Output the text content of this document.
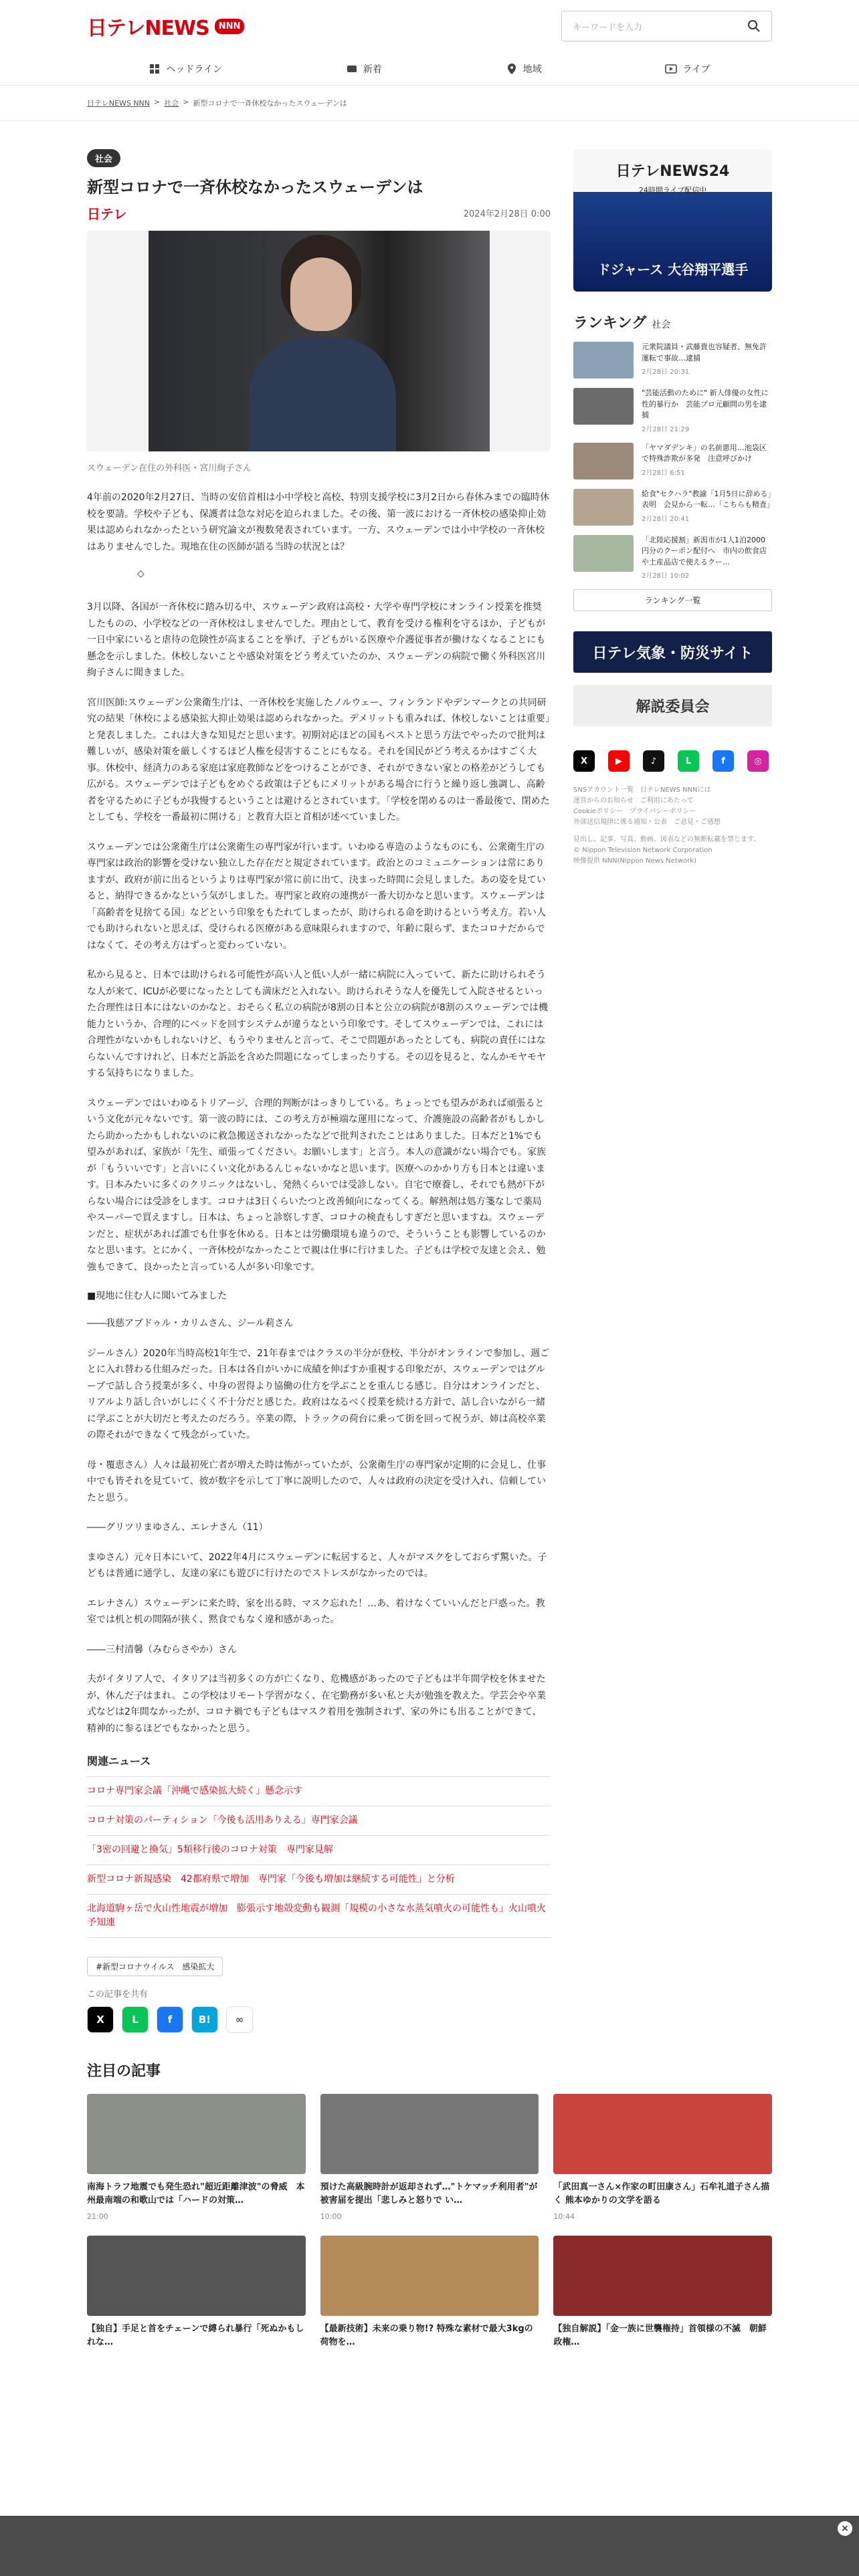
日テレNEWS	NNN	キーワードを入力
ヘッドライン	新着	地域	ライブ
日テレNEWS NNN > 社会 > 新型コロナで一斉休校なかったスウェーデンは
社会
新型コロナで一斉休校なかったスウェーデンは
日テレ	2024年2月28日 0:00
スウェーデン在住の外科医・宮川絢子さん

4年前の2020年2月27日、当時の安倍首相は小中学校と高校、特別支援学校に3月2日から春休みまでの臨時休校を要請。学校や子ども、保護者は急な対応を迫られました。その後、第一波における一斉休校の感染抑止効果は認められなかったという研究論文が複数発表されています。一方、スウェーデンでは小中学校の一斉休校はありませんでした。現地在住の医師が語る当時の状況とは？

◇

3月以降、各国が一斉休校に踏み切る中、スウェーデン政府は高校・大学や専門学校にオンライン授業を推奨したものの、小学校などの一斉休校はしませんでした。理由として、教育を受ける権利を守るほか、子どもが一日中家にいると虐待の危険性が高まることを挙げ、子どもがいる医療や介護従事者が働けなくなることにも懸念を示しました。休校しないことや感染対策をどう考えていたのか、スウェーデンの病院で働く外科医宮川絢子さんに聞きました。

宮川医師:スウェーデン公衆衛生庁は、一斉休校を実施したノルウェー、フィンランドやデンマークとの共同研究の結果「休校による感染拡大抑止効果は認められなかった。デメリットも重みれば、休校しないことは重要」と発表しました。これは大きな知見だと思います。初期対応ほどの国もベストと思う方法でやったので批判は難しいが、感染対策を厳しくするほど人権を侵害することにもなる。それを国民がどう考えるかはすごく大事。休校中、経済力のある家庭は家庭教師などをつけることができ、それができない家との格差がどうしても広がる。スウェーデンでは子どもをめぐる政策は子どもにメリットがある場合に行うと繰り返し強調し、高齢者を守るために子どもが我慢するということは避けるとされています。「学校を閉めるのは一番最後で、閉めたとしても、学校を一番最初に開ける」と教育大臣と首相が述べていました。

スウェーデンでは公衆衛生庁は公衆衛生の専門家が行います。いわゆる専造のようなものにも、公衆衛生庁の専門家は政治的影響を受けない独立した存在だと規定されています。政治とのコミュニケーションは常にありますが、政府が前に出るというよりは専門家が常に前に出て、決まった時間に会見しました。あの姿を見ていると、納得できるかなという気がしました。専門家と政府の連携が一番大切かなと思います。スウェーデンは「高齢者を見捨てる国」などという印象をもたれてしまったが、助けられる命を助けるという考え方。若い人でも助けられないと思えば、受けられる医療がある意味限られますので、年齢に限らず、またコロナだからではなくて、その考え方はずっと変わっていない。

私から見ると、日本では助けられる可能性が高い人と低い人が一緒に病院に入っていて、新たに助けられそうな人が来て、ICUが必要になったとしても満床だと入れない。助けられそうな人を優先して入院させるといった合理性は日本にはないのかなと。おそらく私立の病院が8割の日本と公立の病院が8割のスウェーデンでは機能力というか、合理的にベッドを回すシステムが違うなという印象です。そしてスウェーデンでは、これには合理性がないかもしれないけど、もうやりませんと言って、そこで問題があったとしても、病院の責任にはならないんですけれど、日本だと訴訟を含めた問題になってしまったりする。その辺を見ると、なんかモヤモヤする気持ちになりました。

スウェーデンではいわゆるトリアージ、合理的判断がはっきりしている。ちょっとでも望みがあれば頑張るという文化が元々ないです。第一波の時には、この考え方が極端な運用になって、介護施設の高齢者がもしかしたら助かったかもしれないのに救急搬送されなかったなどで批判されたことはありました。日本だと1%でも望みがあれば、家族が「先生、頑張ってください。お願いします」と言う。本人の意識がない場合でも。家族が「もういいです」と言いにくい文化があるんじゃないかなと思います。医療へのかかり方も日本とは違います。日本みたいに多くのクリニックはないし、発熱くらいでは受診しない。自宅で療養し、それでも熱が下がらない場合には受診をします。コロナは3日くらいたつと改善傾向になってくる。解熱剤は処方箋なしで薬局やスーパーで買えますし。日本は、ちょっと診察しすぎ、コロナの検査もしすぎだと思いますね。スウェーデンだと、症状があれば誰でも仕事を休める。日本とは労働環境も違うので、そういうことも影響しているのかなと思います。とにかく、一斉休校がなかったことで親は仕事に行けました。子どもは学校で友達と会え、勉強もできて、良かったと言っている人が多い印象です。

■現地に住む人に聞いてみました

――我慈アブドゥル・カリムさん、ジール莉さん

ジールさん）2020年当時高校1年生で、21年春まではクラスの半分が登校、半分がオンラインで参加し、週ごとに入れ替わる仕組みだった。日本は各自がいかに成績を伸ばすか重視する印象だが、スウェーデンではグループで話し合う授業が多く、中身の習得より協働の仕方を学ぶことを重んじる感じ。自分はオンラインだと、リアルより話し合いがしにくく不十分だと感じた。政府はなるべく授業を続ける方針で、話し合いながら一緒に学ぶことが大切だと考えたのだろう。卒業の際、トラックの荷台に乗って街を回って祝うが、姉は高校卒業の際それができなくて残念がっていた。

母・覆恵さん）人々は最初死亡者が増えた時は怖がっていたが、公衆衛生庁の専門家が定期的に会見し、仕事中でも皆それを見ていて、彼が数字を示して丁寧に説明したので、人々は政府の決定を受け入れ、信頼していたと思う。

――グリツリまゆさん、エレナさん（11）

まゆさん）元々日本にいて、2022年4月にスウェーデンに転居すると、人々がマスクをしておらず驚いた。子どもは普通に通学し、友達の家にも遊びに行けたのでストレスがなかったのでは。

エレナさん）スウェーデンに来た時、家を出る時、マスク忘れた！…あ、着けなくていいんだと戸惑った。教室では机と机の間隔が狭く、黙食でもなく違和感があった。

――三村清馨（みむらさやか）さん

夫がイタリア人で、イタリアは当初多くの方が亡くなり、危機感があったので子どもは半年間学校を休ませたが、休んだ子はまれ。この学校はリモート学習がなく、在宅勤務が多い私と夫が勉強を教えた。学芸会や卒業式などは2年間なかったが、コロナ禍でも子どもはマスク着用を強制されず、家の外にも出ることができて、精神的に参るほどでもなかったと思う。

関連ニュース
コロナ専門家会議「沖縄で感染拡大続く」懸念示す
コロナ対策のパーティション「今後も活用ありえる」専門家会議
「3密の回避と換気」5類移行後のコロナ対策　専門家見解
新型コロナ新規感染　42都府県で増加　専門家「今後も増加は継続する可能性」と分析
北海道駒ヶ岳で火山性地震が増加　膨張示す地殻変動も観測「規模の小さな水蒸気噴火の可能性も」火山噴火予知連
#新型コロナウイルス　感染拡大
この記事を共有
X	L	f	B!	∞
日テレNEWS24
24時間ライブ配信中
ドジャース 大谷翔平選手
ランキング 社会
元衆院議員・武藤貴也容疑者、無免許運転で事故…逮捕
2月28日 20:31
"芸能活動のために" 新人俳優の女性に性的暴行か　芸能プロ元顧問の男を逮捕
2月28日 21:29
「ヤマダデンキ」の名前悪用…池袋区で特殊詐欺が多発　注意呼びかけ
2月28日 6:51
給食"セクハラ"教諭「1月5日に辞める」表明　会見から一転…「こちらも精査」
2月28日 20:41
「北陸応援割」新潟市が1人1泊2000円分のクーポン配付へ　市内の飲食店や土産品店で使えるクー…
2月28日 10:02
ランキング一覧
日テレ気象・防災サイト
解説委員会
X	▶	♪	L	f	◎
SNSアカウント一覧　日テレNEWS NNNには
運営からのお知らせ　ご利用にあたって
Cookieポリシー　プライバシーポリシー
外部送信規律に係る通知・公表　ご意見・ご感想
見出し、記事、写真、動画、図表などの無断転載を禁じます。
© Nippon Television Network Corporation
映像提供 NNN(Nippon News Network)
注目の記事
南海トラフ地震でも発生恐れ"超近距離津波"の脅威　本州最南端の和歌山では「ハードの対策…
21:00
預けた高級腕時計が返却されず…"トケマッチ利用者"が被害届を提出「悲しみと怒りで い…
10:00
「武田真一さん×作家の町田康さん」石牟礼道子さん描く 熊本ゆかりの文学を語る
10:44
【独自】手足と首をチェーンで縛られ暴行「死ぬかもしれな…
【最新技術】未来の乗り物!? 特殊な素材で最大3kgの荷物を…
【独自解説】「金一族に世襲権持」首領様の不滅　朝鮮政権…
×
